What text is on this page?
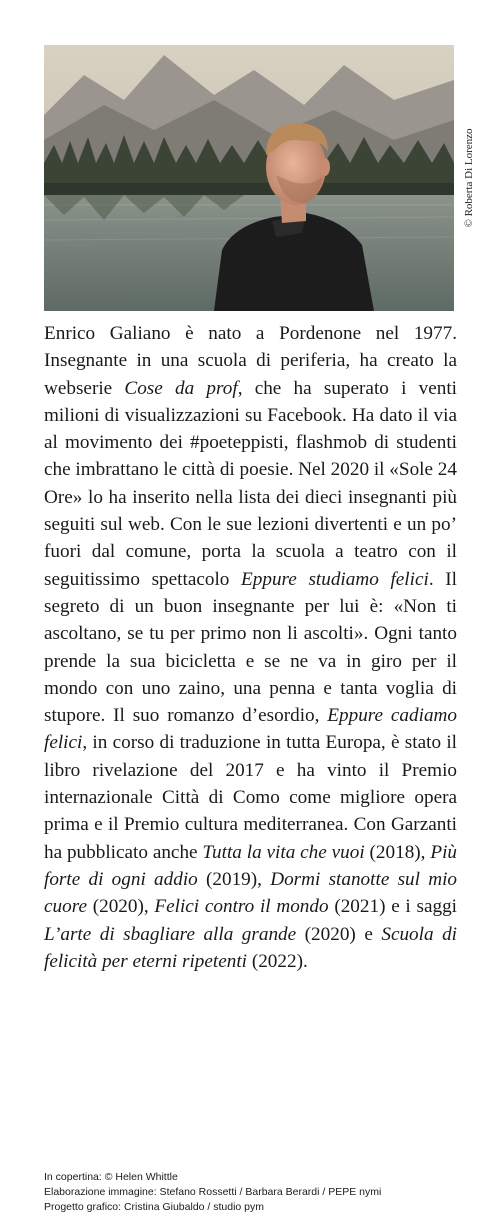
© Roberta Di Lorenzo

Enrico Galiano è nato a Pordenone nel 1977. Insegnante in una scuola di periferia, ha creato la webserie Cose da prof, che ha superato i venti milioni di visualizzazioni su Facebook. Ha dato il via al movimento dei #poeteppisti, flashmob di studenti che imbrattano le città di poesie. Nel 2020 il «Sole 24 Ore» lo ha inserito nella lista dei dieci insegnanti più seguiti sul web. Con le sue lezioni divertenti e un po’ fuori dal comune, porta la scuola a teatro con il seguitissimo spettacolo Eppure studiamo felici. Il segreto di un buon insegnante per lui è: «Non ti ascoltano, se tu per primo non li ascolti». Ogni tanto prende la sua bicicletta e se ne va in giro per il mondo con uno zaino, una penna e tanta voglia di stupore. Il suo romanzo d’esordio, Eppure cadiamo felici, in corso di traduzione in tutta Europa, è stato il libro rivelazione del 2017 e ha vinto il Premio internazionale Città di Como come migliore opera prima e il Premio cultura mediterranea. Con Garzanti ha pubblicato anche Tutta la vita che vuoi (2018), Più forte di ogni addio (2019), Dormi stanotte sul mio cuore (2020), Felici contro il mondo (2021) e i saggi L’arte di sbagliare alla grande (2020) e Scuola di felicità per eterni ripetenti (2022).

In copertina: © Helen Whittle
Elaborazione immagine: Stefano Rossetti / Barbara Berardi / PEPE nymi
Progetto grafico: Cristina Giubaldo / studio pym
